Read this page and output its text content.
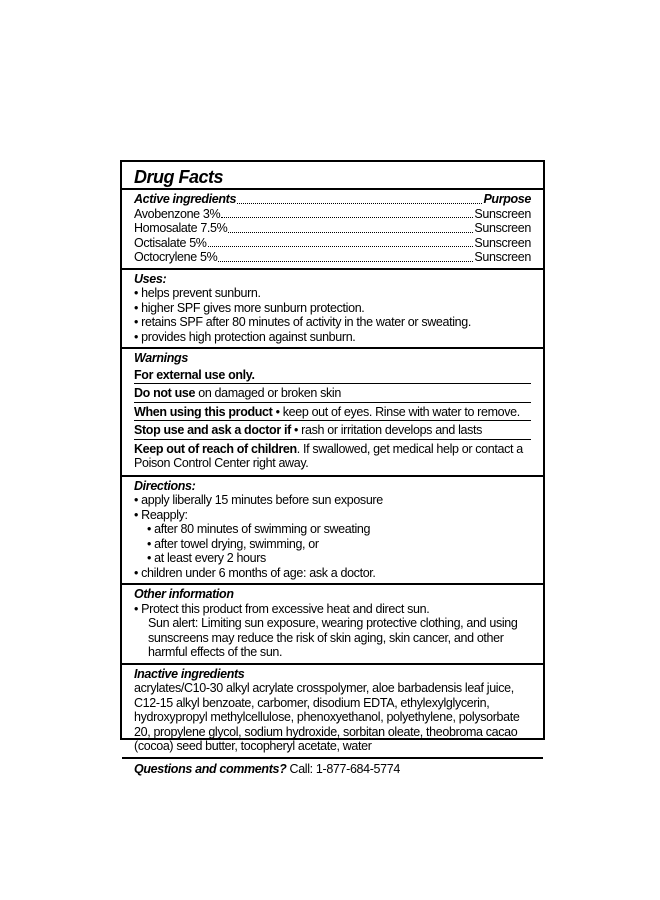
Drug Facts
Active ingredients	Purpose
Avobenzone 3%	Sunscreen
Homosalate 7.5%	Sunscreen
Octisalate 5%	Sunscreen
Octocrylene 5%	Sunscreen
Uses:
• helps prevent sunburn.
• higher SPF gives more sunburn protection.
• retains SPF after 80 minutes of activity in the water or sweating.
• provides high protection against sunburn.
Warnings
For external use only.
Do not use on damaged or broken skin
When using this product • keep out of eyes. Rinse with water to remove.
Stop use and ask a doctor if • rash or irritation develops and lasts
Keep out of reach of children. If swallowed, get medical help or contact a Poison Control Center right away.
Directions:
• apply liberally 15 minutes before sun exposure
• Reapply:
• after 80 minutes of swimming or sweating
• after towel drying, swimming, or
• at least every 2 hours
• children under 6 months of age: ask a doctor.
Other information
• Protect this product from excessive heat and direct sun.
Sun alert: Limiting sun exposure, wearing protective clothing, and using sunscreens may reduce the risk of skin aging, skin cancer, and other harmful effects of the sun.
Inactive ingredients
acrylates/C10-30 alkyl acrylate crosspolymer, aloe barbadensis leaf juice, C12-15 alkyl benzoate, carbomer, disodium EDTA, ethylexylglycerin, hydroxypropyl methylcellulose, phenoxyethanol, polyethylene, polysorbate 20, propylene glycol, sodium hydroxide, sorbitan oleate, theobroma cacao (cocoa) seed butter, tocopheryl acetate, water
Questions and comments? Call: 1-877-684-5774
